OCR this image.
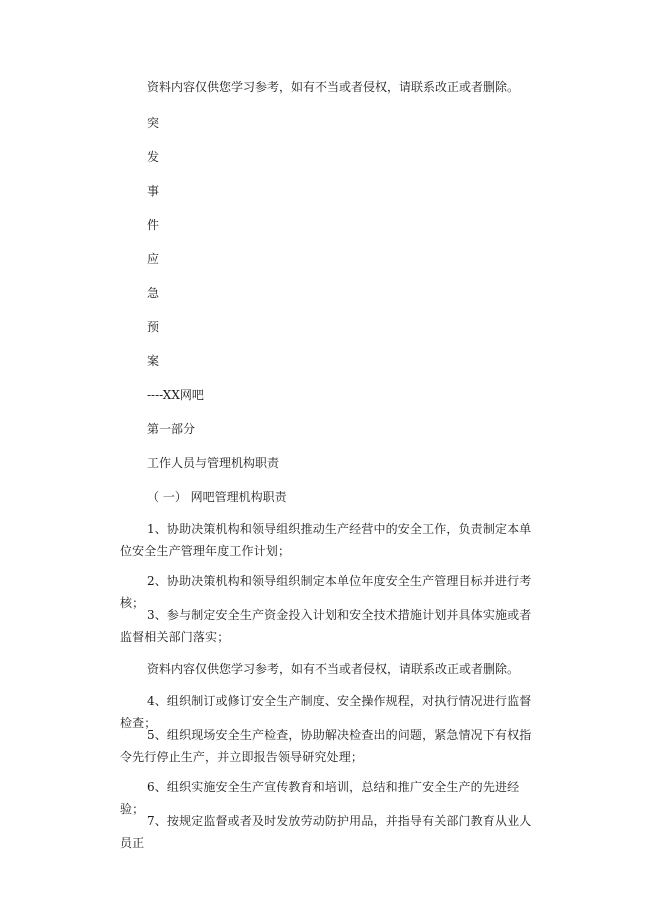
资料内容仅供您学习参考，如有不当或者侵权，请联系改正或者删除。

突

发

事

件

应

急

预

案

----XX网吧

第一部分

工作人员与管理机构职责

（ 一） 网吧管理机构职责

1、协助决策机构和领导组织推动生产经营中的安全工作，负责制定本单位安全生产管理年度工作计划；

2、协助决策机构和领导组织制定本单位年度安全生产管理目标并进行考核；

3、参与制定安全生产资金投入计划和安全技术措施计划并具体实施或者监督相关部门落实；

资料内容仅供您学习参考，如有不当或者侵权，请联系改正或者删除。

4、组织制订或修订安全生产制度、安全操作规程，对执行情况进行监督检查；

5、组织现场安全生产检查，协助解决检查出的问题，紧急情况下有权指令先行停止生产，并立即报告领导研究处理；

6、组织实施安全生产宣传教育和培训，总结和推广安全生产的先进经验；

7、按规定监督或者及时发放劳动防护用品，并指导有关部门教育从业人员正
